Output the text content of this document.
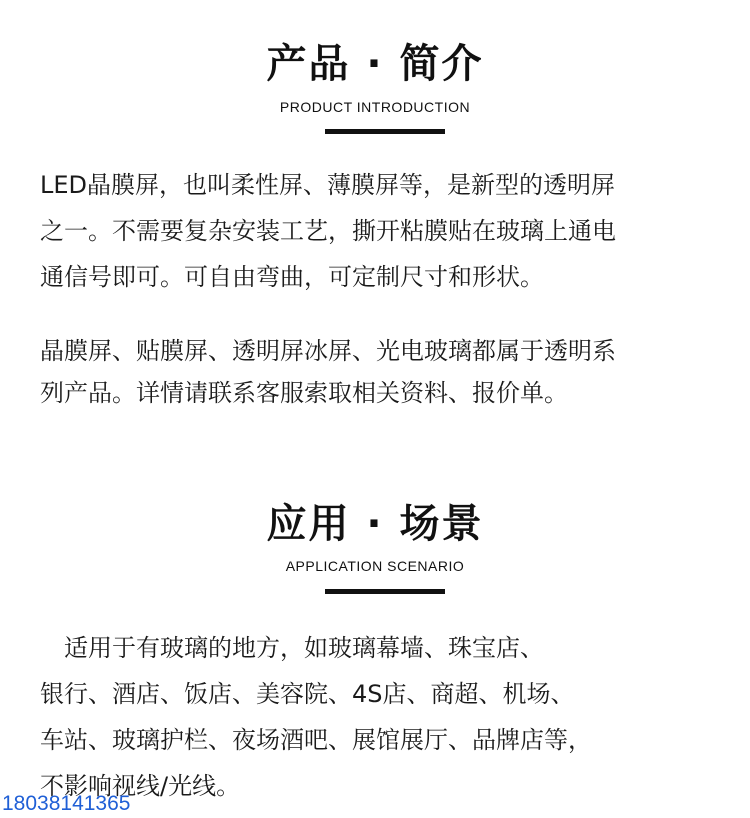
产品 · 简介
PRODUCT INTRODUCTION

LED晶膜屏，也叫柔性屏、薄膜屏等，是新型的透明屏

之一。不需要复杂安装工艺，撕开粘膜贴在玻璃上通电

通信号即可。可自由弯曲，可定制尺寸和形状。

晶膜屏、贴膜屏、透明屏冰屏、光电玻璃都属于透明系

列产品。详情请联系客服索取相关资料、报价单。

应用 · 场景
APPLICATION SCENARIO

　适用于有玻璃的地方，如玻璃幕墙、珠宝店、

银行、酒店、饭店、美容院、4S店、商超、机场、

车站、玻璃护栏、夜场酒吧、展馆展厅、品牌店等，

不影响视线/光线。

18038141365
